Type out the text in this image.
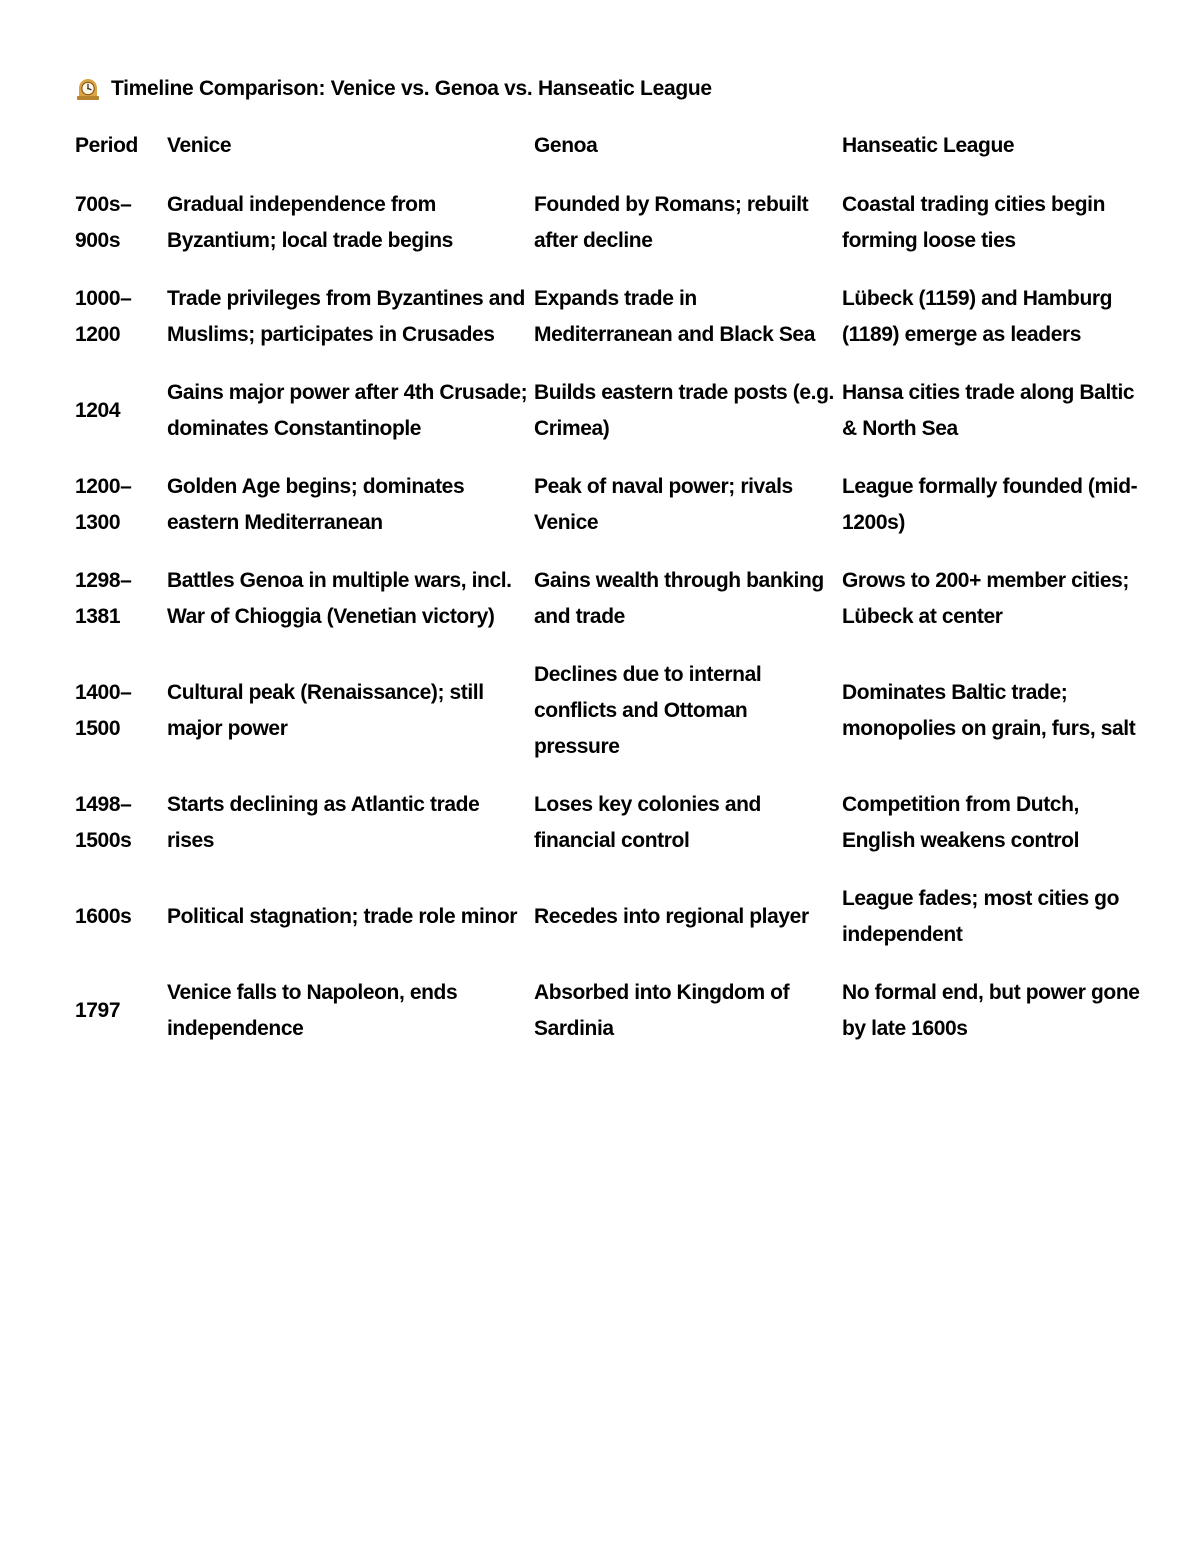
Timeline Comparison: Venice vs. Genoa vs. Hanseatic League
Period	Venice	Genoa	Hanseatic League
700s–900s	Gradual independence from Byzantium; local trade begins	Founded by Romans; rebuilt after decline	Coastal trading cities begin forming loose ties
1000–1200	Trade privileges from Byzantines and Muslims; participates in Crusades	Expands trade in Mediterranean and Black Sea	Lübeck (1159) and Hamburg (1189) emerge as leaders
1204	Gains major power after 4th Crusade; dominates Constantinople	Builds eastern trade posts (e.g. Crimea)	Hansa cities trade along Baltic & North Sea
1200–1300	Golden Age begins; dominates eastern Mediterranean	Peak of naval power; rivals Venice	League formally founded (mid-1200s)
1298–1381	Battles Genoa in multiple wars, incl. War of Chioggia (Venetian victory)	Gains wealth through banking and trade	Grows to 200+ member cities; Lübeck at center
1400–1500	Cultural peak (Renaissance); still major power	Declines due to internal conflicts and Ottoman pressure	Dominates Baltic trade; monopolies on grain, furs, salt
1498–1500s	Starts declining as Atlantic trade rises	Loses key colonies and financial control	Competition from Dutch, English weakens control
1600s	Political stagnation; trade role minor	Recedes into regional player	League fades; most cities go independent
1797	Venice falls to Napoleon, ends independence	Absorbed into Kingdom of Sardinia	No formal end, but power gone by late 1600s
